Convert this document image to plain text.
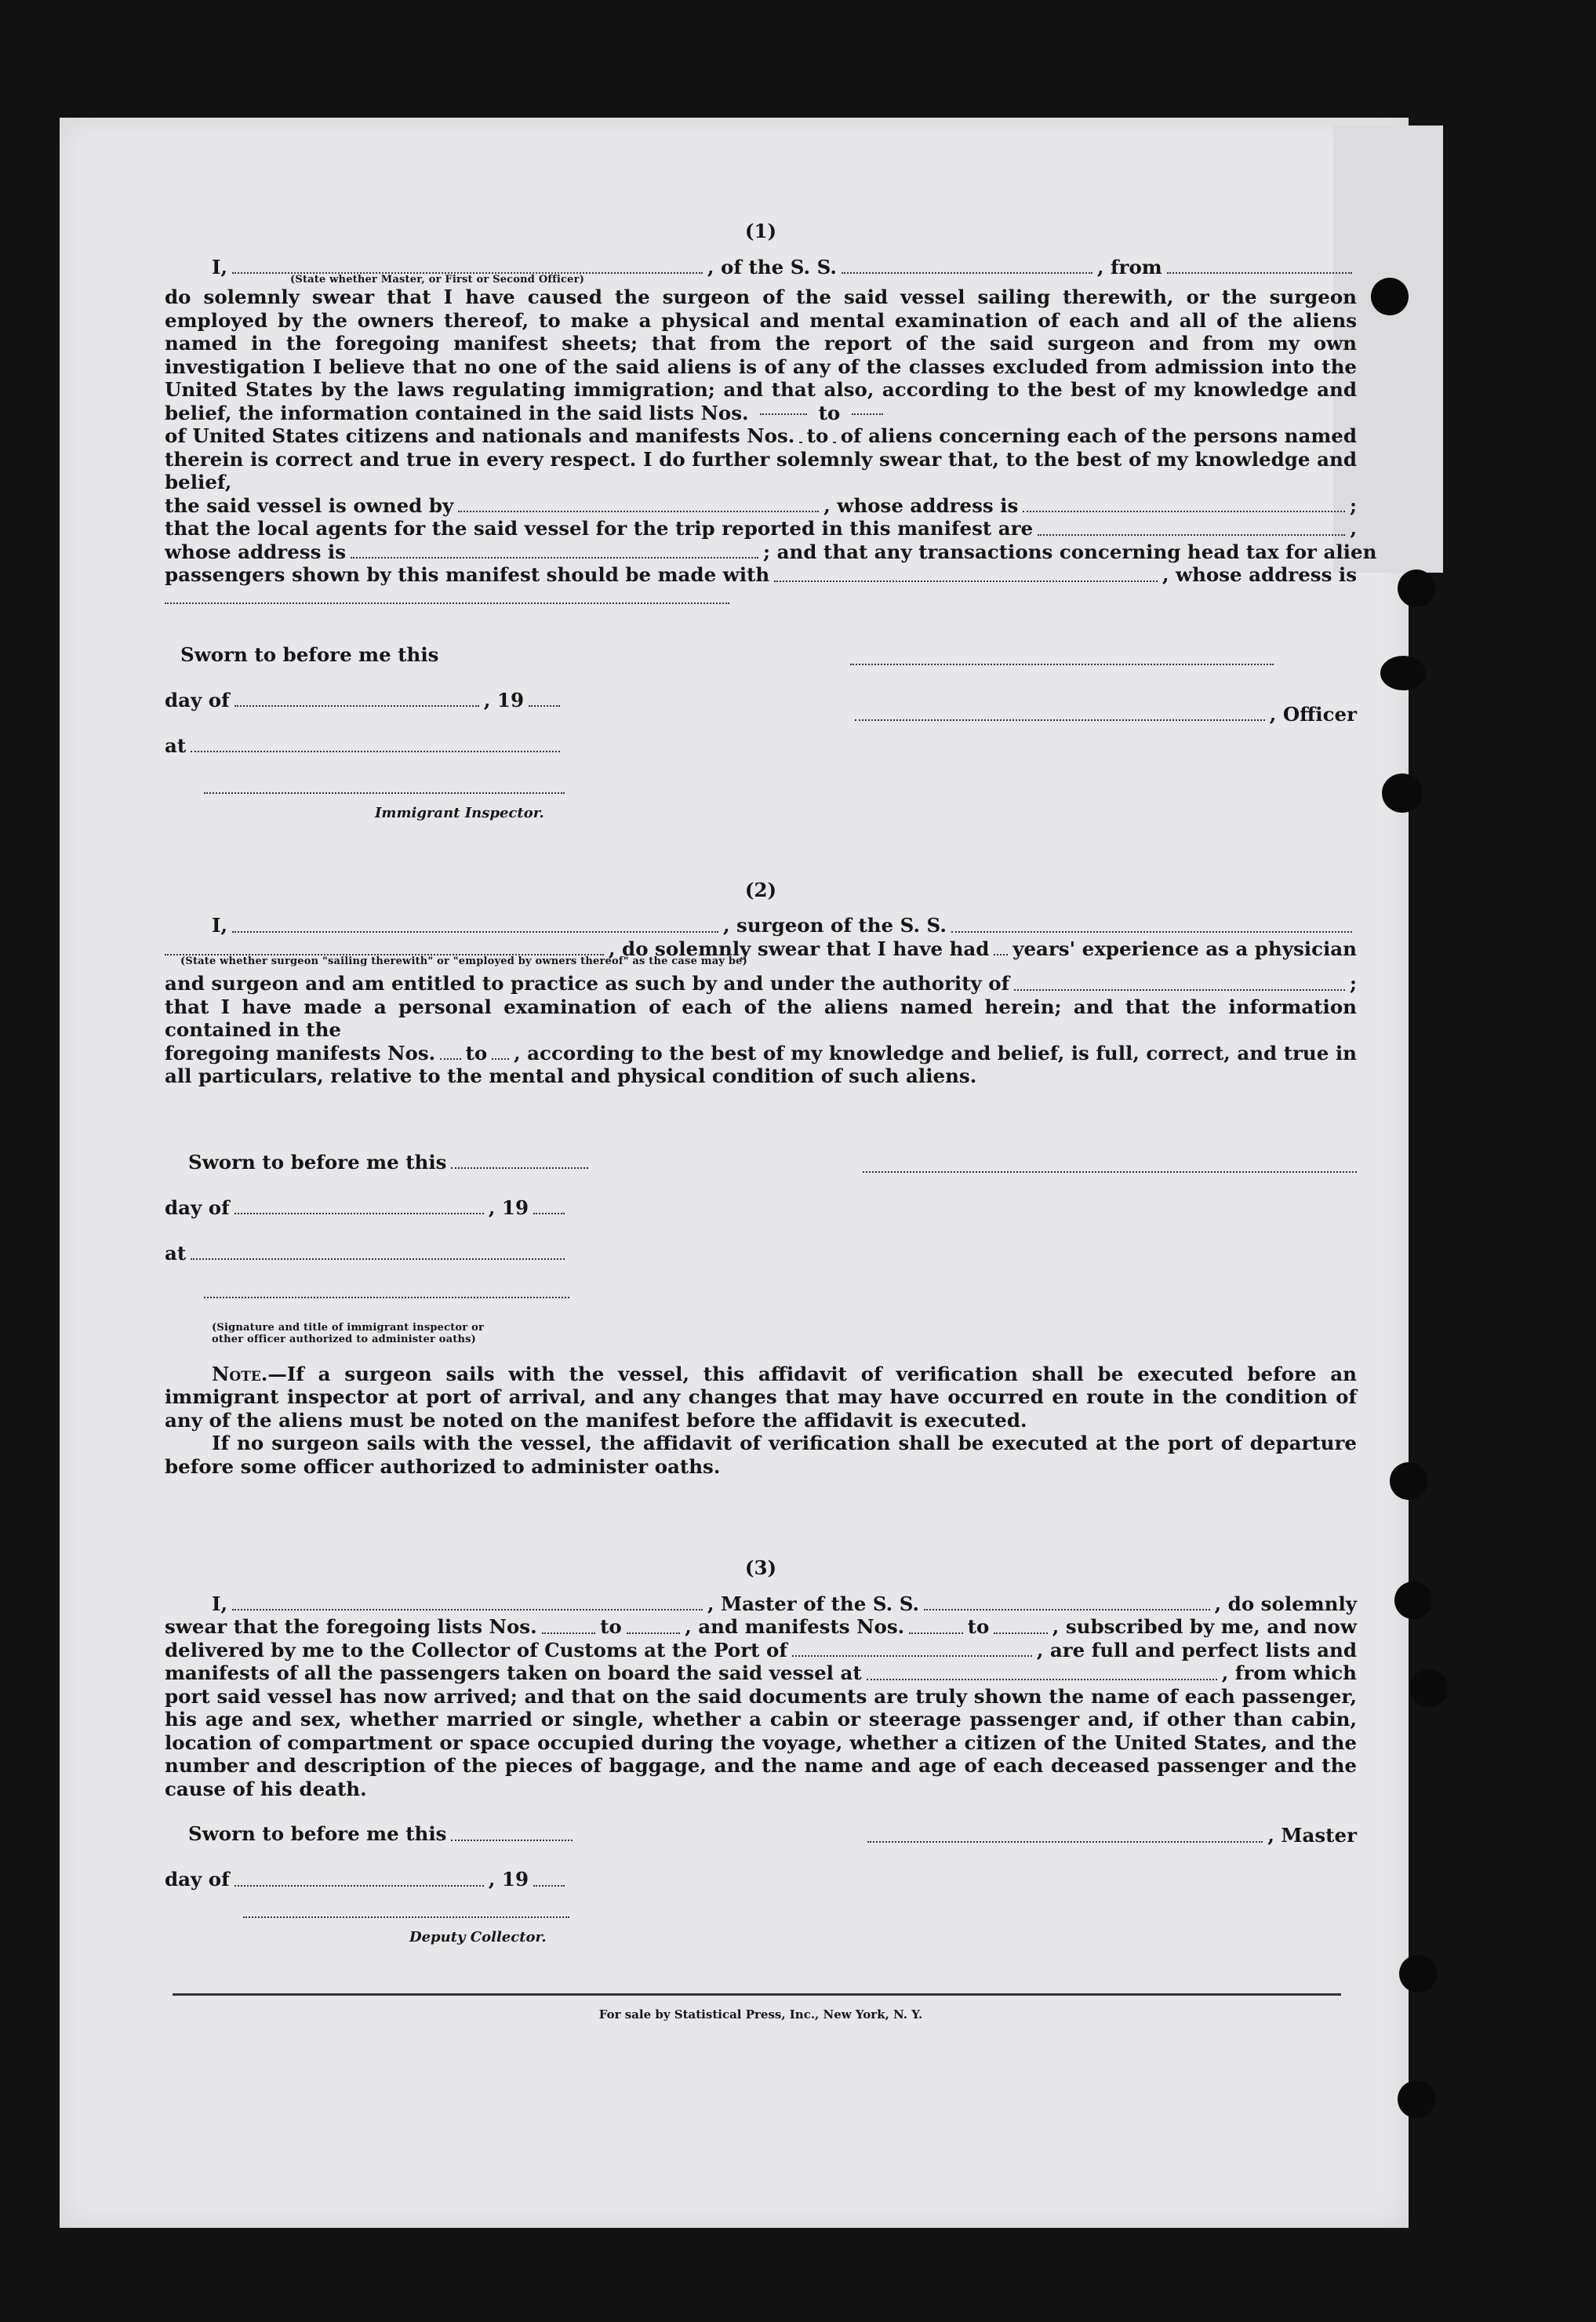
(1)
I,	, of the S. S.	, from
(State whether Master, or First or Second Officer)
do solemnly swear that I have caused the surgeon of the said vessel sailing therewith, or the surgeon employed by the owners thereof, to make a physical and mental examination of each and all of the aliens named in the foregoing manifest sheets; that from the report of the said surgeon and from my own investigation I believe that no one of the said aliens is of any of the classes excluded from admission into the United States by the laws regulating immigration; and that also, according to the best of my knowledge and belief, the information contained in the said lists Nos.	to
of United States citizens and nationals and manifests Nos. to of aliens concerning each of the persons named
therein is correct and true in every respect. I do further solemnly swear that, to the best of my knowledge and belief,
the said vessel is owned by	, whose address is	;
that the local agents for the said vessel for the trip reported in this manifest are	,
whose address is	; and that any transactions concerning head tax for alien
passengers shown by this manifest should be made with	, whose address is
Sworn to before me this
day of	, 19
at
Immigrant Inspector.
, Officer
(2)
I,	, surgeon of the S. S.
, do solemnly swear that I have had years' experience as a physician
(State whether surgeon "sailing therewith" or "employed by owners thereof" as the case may be)
and surgeon and am entitled to practice as such by and under the authority of	;
that I have made a personal examination of each of the aliens named herein; and that the information contained in the
foregoing manifests Nos. to , according to the best of my knowledge and belief, is full, correct, and true in
all particulars, relative to the mental and physical condition of such aliens.
Sworn to before me this
day of	, 19
at
(Signature and title of immigrant inspector or
other officer authorized to administer oaths)
Note.—If a surgeon sails with the vessel, this affidavit of verification shall be executed before an immigrant inspector at port of arrival, and any changes that may have occurred en route in the condition of any of the aliens must be noted on the manifest before the affidavit is executed.
If no surgeon sails with the vessel, the affidavit of verification shall be executed at the port of departure before some officer authorized to administer oaths.
(3)
I,	, Master of the S. S.	, do solemnly
swear that the foregoing lists Nos.	to	, and manifests Nos.	to	, subscribed by me, and now
delivered by me to the Collector of Customs at the Port of	, are full and perfect lists and
manifests of all the passengers taken on board the said vessel at	, from which
port said vessel has now arrived; and that on the said documents are truly shown the name of each passenger, his age and sex, whether married or single, whether a cabin or steerage passenger and, if other than cabin, location of compartment or space occupied during the voyage, whether a citizen of the United States, and the number and description of the pieces of baggage, and the name and age of each deceased passenger and the cause of his death.
Sworn to before me this
day of	, 19
Deputy Collector.
, Master
For sale by Statistical Press, Inc., New York, N. Y.
